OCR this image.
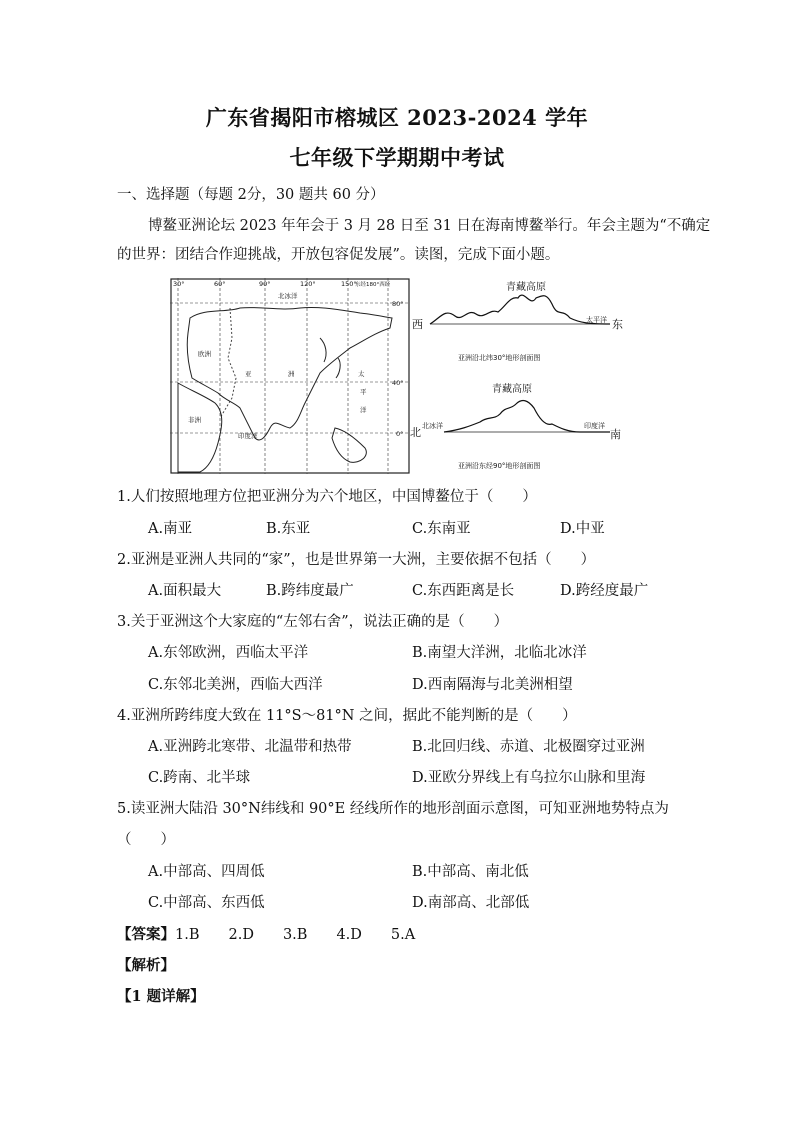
广东省揭阳市榕城区 2023-2024 学年
七年级下学期期中考试
一、选择题（每题 2分，30 题共 60 分）
博鳌亚洲论坛 2023 年年会于 3 月 28 日至 31 日在海南博鳌举行。年会主题为“不确定
的世界：团结合作迎挑战，开放包容促发展”。读图，完成下面小题。
30°	60°	90°	120°	150°
东经180°西经
80°
40°
0°
北冰洋
欧洲
亚	洲	太
平
洋
非洲
印度洋
青藏高原
西	太平洋 东
亚洲沿北纬30°地形剖面图
青藏高原
北 北冰洋	印度洋
南
亚洲沿东经90°地形剖面图
1.人们按照地理方位把亚洲分为六个地区，中国博鳌位于（　　）
A.南亚	B.东亚	C.东南亚	D.中亚
2.亚洲是亚洲人共同的“家”，也是世界第一大洲，主要依据不包括（　　）
A.面积最大	B.跨纬度最广	C.东西距离是长	D.跨经度最广
3.关于亚洲这个大家庭的“左邻右舍”，说法正确的是（　　）
A.东邻欧洲，西临太平洋	B.南望大洋洲，北临北冰洋
C.东邻北美洲，西临大西洋	D.西南隔海与北美洲相望
4.亚洲所跨纬度大致在 11°S～81°N 之间，据此不能判断的是（　　）
A.亚洲跨北寒带、北温带和热带	B.北回归线、赤道、北极圈穿过亚洲
C.跨南、北半球	D.亚欧分界线上有乌拉尔山脉和里海
5.读亚洲大陆沿 30°N纬线和 90°E 经线所作的地形剖面示意图，可知亚洲地势特点为
（　　）
A.中部高、四周低	B.中部高、南北低
C.中部高、东西低	D.南部高、北部低
【答案】1.B　　2.D　　3.B　　4.D　　5.A
【解析】
【1 题详解】
